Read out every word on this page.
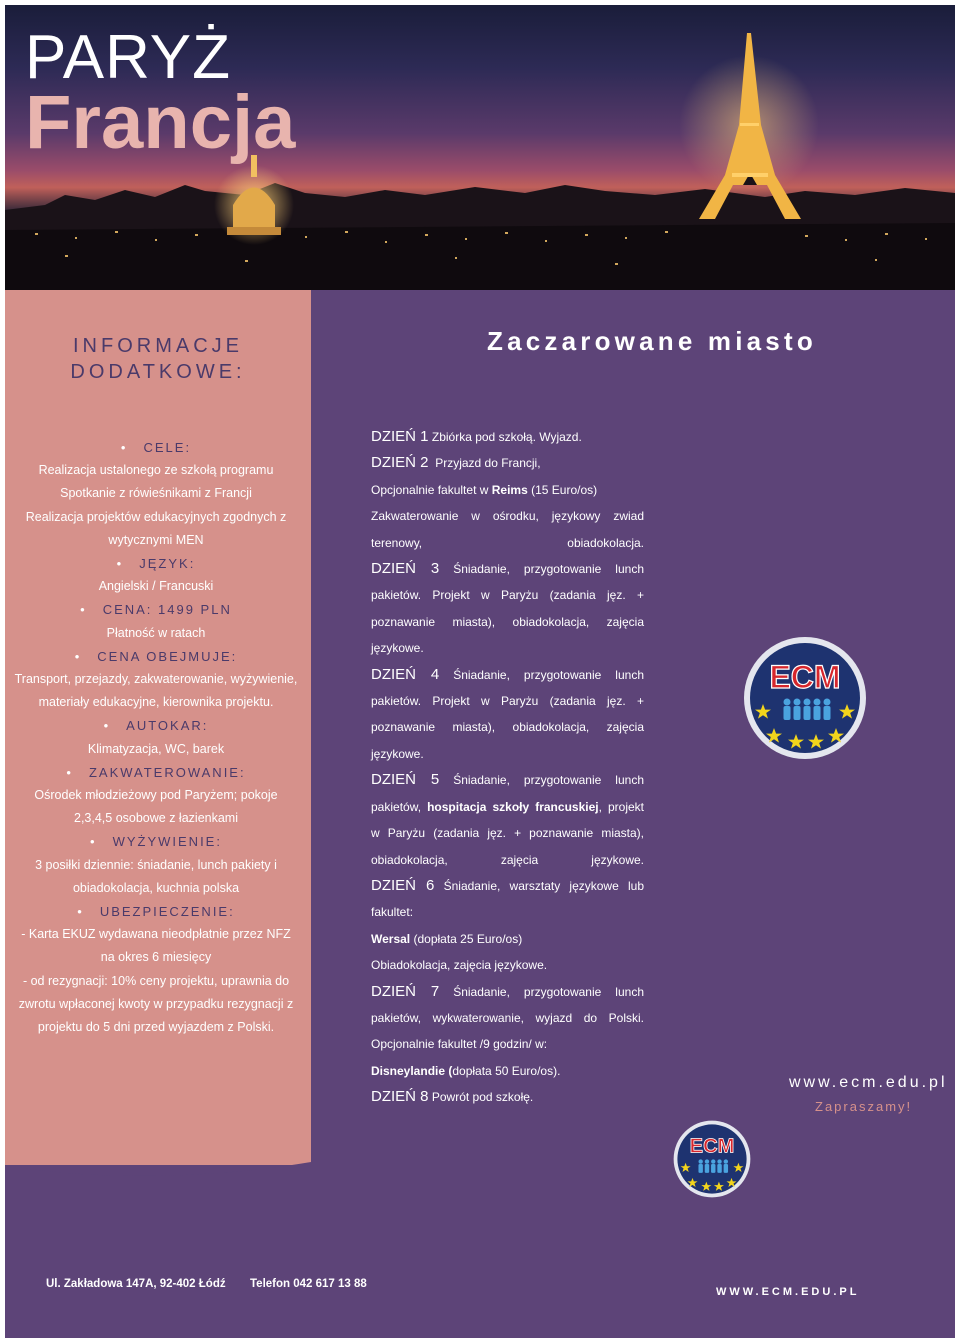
PARYŻ
Francja
INFORMACJE
DODATKOWE:
• CELE:
Realizacja ustalonego ze szkołą programu
Spotkanie z rówieśnikami z Francji
Realizacja projektów edukacyjnych zgodnych z wytycznymi MEN
• JĘZYK:
Angielski / Francuski
• CENA: 1499 PLN
Płatność w ratach
• CENA OBEJMUJE:
Transport, przejazdy, zakwaterowanie, wyżywienie, materiały edukacyjne, kierownika projektu.
• AUTOKAR:
Klimatyzacja, WC, barek
• ZAKWATEROWANIE:
Ośrodek młodzieżowy pod Paryżem; pokoje 2,3,4,5 osobowe z łazienkami
• WYŻYWIENIE:
3 posiłki dziennie: śniadanie, lunch pakiety i obiadokolacja, kuchnia polska
• UBEZPIECZENIE:
- Karta EKUZ wydawana nieodpłatnie przez NFZ na okres 6 miesięcy
- od rezygnacji: 10% ceny projektu, uprawnia do zwrotu wpłaconej kwoty w przypadku rezygnacji z projektu do 5 dni przed wyjazdem z Polski.
Zaczarowane miasto
DZIEŃ 1 Zbiórka pod szkołą. Wyjazd.
DZIEŃ 2 Przyjazd do Francji,
Opcjonalnie fakultet w Reims (15 Euro/os)
Zakwaterowanie w ośrodku, językowy zwiad terenowy, obiadokolacja.
DZIEŃ 3 Śniadanie, przygotowanie lunch pakietów. Projekt w Paryżu (zadania jęz. + poznawanie miasta), obiadokolacja, zajęcia językowe.
DZIEŃ 4 Śniadanie, przygotowanie lunch pakietów. Projekt w Paryżu (zadania jęz. + poznawanie miasta), obiadokolacja, zajęcia językowe.
DZIEŃ 5 Śniadanie, przygotowanie lunch pakietów, hospitacja szkoły francuskiej, projekt w Paryżu (zadania jęz. + poznawanie miasta), obiadokolacja, zajęcia językowe.
DZIEŃ 6 Śniadanie, warsztaty językowe lub fakultet:
Wersal (dopłata 25 Euro/os)
Obiadokolacja, zajęcia językowe.
DZIEŃ 7 Śniadanie, przygotowanie lunch pakietów, wykwaterowanie, wyjazd do Polski.
Opcjonalnie fakultet /9 godzin/ w:
Disneylandie (dopłata 50 Euro/os).
DZIEŃ 8 Powrót pod szkołę.
ECM
ECM
www.ecm.edu.pl
Zapraszamy!
Ul. Zakładowa 147A, 92-402 Łódź Telefon 042 617 13 88
WWW.ECM.EDU.PL
